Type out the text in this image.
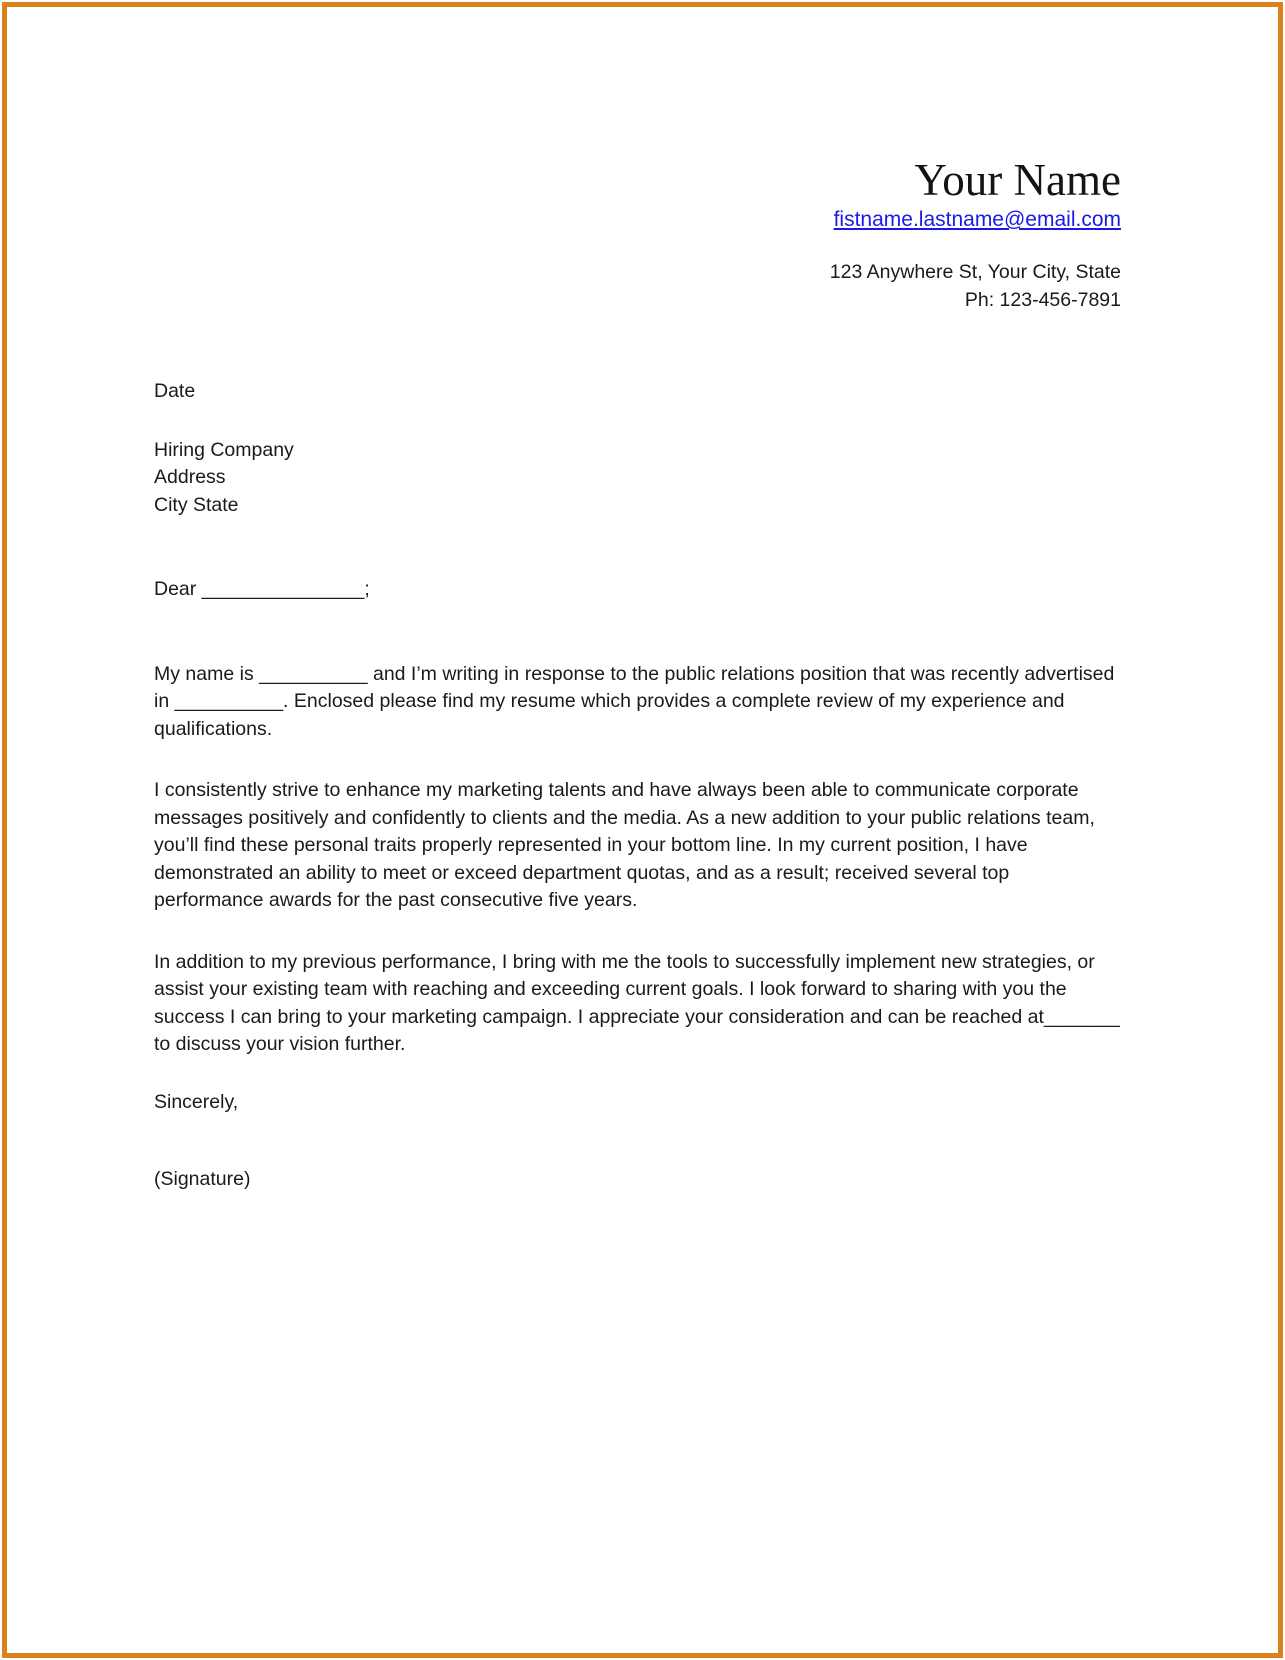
Your Name
fistname.lastname@email.com
123 Anywhere St, Your City, State
Ph: 123-456-7891
Date
Hiring Company
Address
City State
Dear _______________;

My name is __________ and I’m writing in response to the public relations position that was recently advertised in __________. Enclosed please find my resume which provides a complete review of my experience and qualifications.

I consistently strive to enhance my marketing talents and have always been able to communicate corporate messages positively and confidently to clients and the media. As a new addition to your public relations team, you’ll find these personal traits properly represented in your bottom line. In my current position, I have demonstrated an ability to meet or exceed department quotas, and as a result; received several top performance awards for the past consecutive five years.

In addition to my previous performance, I bring with me the tools to successfully implement new strategies, or assist your existing team with reaching and exceeding current goals. I look forward to sharing with you the success I can bring to your marketing campaign. I appreciate your consideration and can be reached at_______ to discuss your vision further.

Sincerely,
(Signature)
